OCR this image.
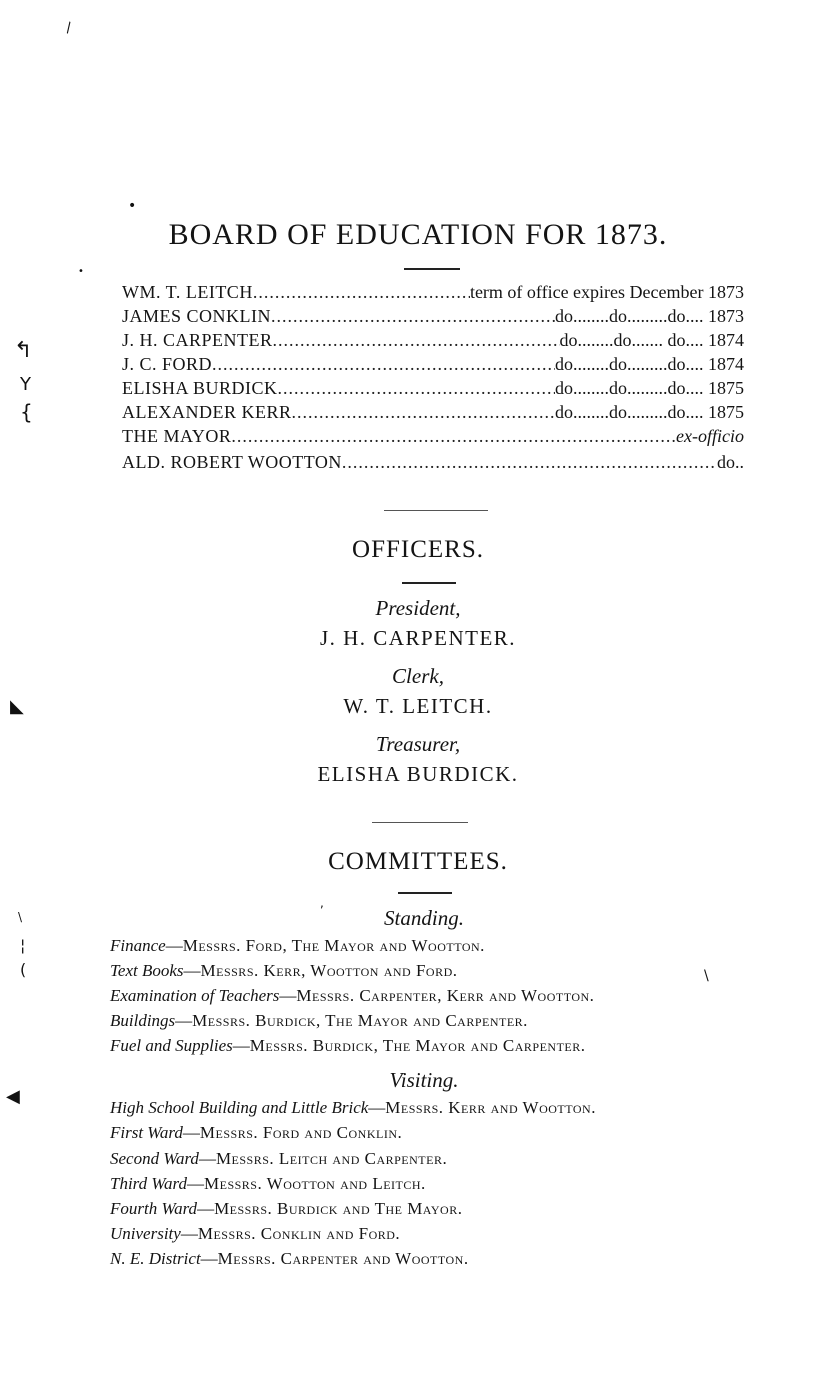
\
•
•
↰
Y
{
◣
\
¦
(
◀
\
,
BOARD OF EDUCATION FOR 1873.
WM. T. LEITCH .....	term of office expires December 1873
JAMES CONKLIN .....	do........do.........do.... 1873
J. H. CARPENTER .....	do........do....... do.... 1874
J. C. FORD .....	do........do.........do.... 1874
ELISHA BURDICK .....	do........do.........do.... 1875
ALEXANDER KERR .....	do........do.........do.... 1875
THE MAYOR .....	ex-officio
ALD. ROBERT WOOTTON .....	do..
OFFICERS.
President,
J. H. CARPENTER.
Clerk,
W. T. LEITCH.
Treasurer,
ELISHA BURDICK.
COMMITTEES.
Standing.
Finance—Messrs. Ford, The Mayor and Wootton.
Text Books—Messrs. Kerr, Wootton and Ford.
Examination of Teachers—Messrs. Carpenter, Kerr and Wootton.
Buildings—Messrs. Burdick, The Mayor and Carpenter.
Fuel and Supplies—Messrs. Burdick, The Mayor and Carpenter.
Visiting.
High School Building and Little Brick—Messrs. Kerr and Wootton.
First Ward—Messrs. Ford and Conklin.
Second Ward—Messrs. Leitch and Carpenter.
Third Ward—Messrs. Wootton and Leitch.
Fourth Ward—Messrs. Burdick and The Mayor.
University—Messrs. Conklin and Ford.
N. E. District—Messrs. Carpenter and Wootton.
